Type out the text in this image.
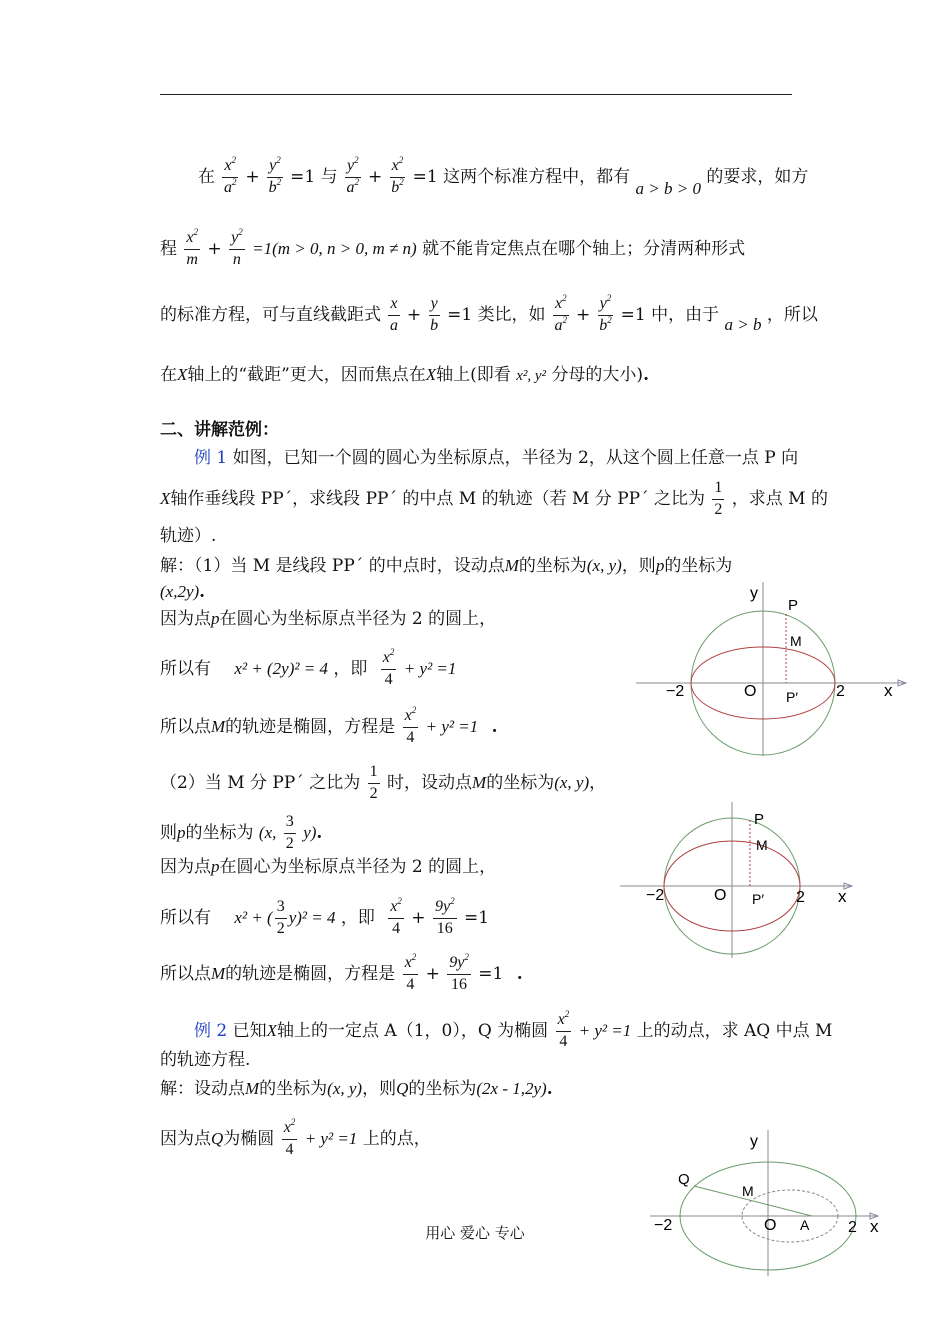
在 $\frac{x^2}{a^2} + \frac{y^2}{b^2} =1$ 与 $\frac{y^2}{a^2} + \frac{x^2}{b^2} =1$ 这两个标准方程中，都有 a > b > 0 的要求，如方
程 $\frac{x^2}{m} + \frac{y^2}{n} =1(m > 0$, n > 0, m ≠ n) 就不能肯定焦点在哪个轴上；分清两种形式
的标准方程，可与直线截距式 $\frac{x}{a} + \frac{y}{b} =1$ 类比，如 $\frac{x^2}{a^2} + \frac{y^2}{b^2} =1$ 中，由于 a > b ，所以
在X轴上的“截距”更大，因而焦点在X轴上(即看 x², y² 分母的大小).
二、讲解范例：
例 1 如图，已知一个圆的圆心为坐标原点，半径为 2，从这个圆上任意一点 P 向
X轴作垂线段 PP´，求线段 PP´ 的中点 M 的轨迹（若 M 分 PP´ 之比为 $\frac{1}{2}$ ，求点 M 的
轨迹）.
解：（1）当 M 是线段 PP´ 的中点时，设动点M的坐标为(x, y)，则p的坐标为
(x,2y).
因为点p在圆心为坐标原点半径为 2 的圆上，
所以有 x² + (2y)² = 4 ，即 $\frac{x^2}{4} + y^2 =1$
所以点M的轨迹是椭圆，方程是 $\frac{x^2}{4} + y^2 =1$ .
（2）当 M 分 PP´ 之比为 $\frac{1}{2}$ 时，设动点M的坐标为(x, y)，
则p的坐标为 (x, $\frac{3}{2} y$).
因为点p在圆心为坐标原点半径为 2 的圆上，
所以有 x² + ( $\frac{3}{2} y)^2 = 4$ ，即 $\frac{x^2}{4} + \frac{9y^2}{16} =1$
所以点M的轨迹是椭圆，方程是 $\frac{x^2}{4} + \frac{9y^2}{16} =1$ .
例 2 已知X轴上的一定点 A（1，0），Q 为椭圆 $\frac{x^2}{4} + y^2 =1$ 上的动点，求 AQ 中点 M
的轨迹方程.
解：设动点M的坐标为(x, y)，则Q的坐标为(2x - 1,2y).
因为点Q为椭圆 $\frac{x^2}{4} + y^2 =1$ 上的点，
y
P
M
−2	O P′ 2 x
P
M
−2	O P′ 2 x
y
Q
M
−2	O A 2 x
用心 爱心 专心
